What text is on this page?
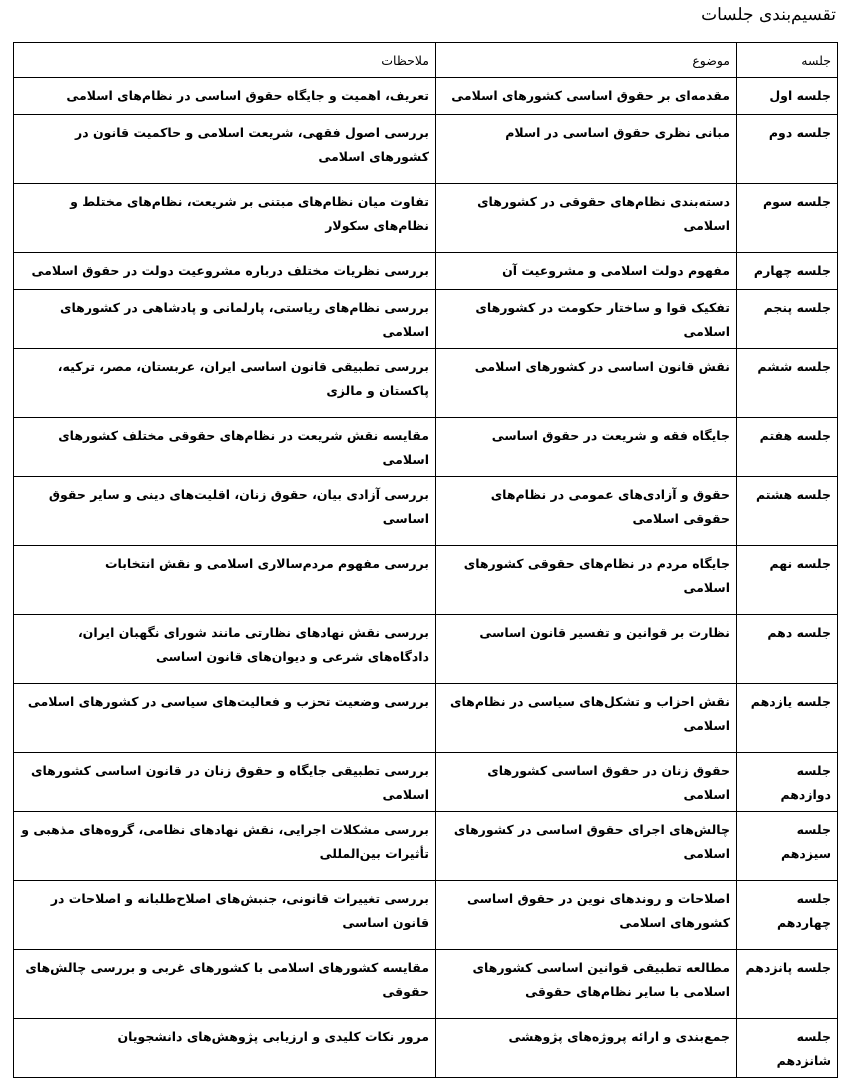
تقسیم‌بندی جلسات
جلسه	موضوع	ملاحظات
جلسه اول	مقدمه‌ای بر حقوق اساسی کشورهای اسلامی	تعریف، اهمیت و جایگاه حقوق اساسی در نظام‌های اسلامی
جلسه دوم	مبانی نظری حقوق اساسی در اسلام	بررسی اصول فقهی، شریعت اسلامی و حاکمیت قانون در کشورهای اسلامی
جلسه سوم	دسته‌بندی نظام‌های حقوقی در کشورهای اسلامی	تفاوت میان نظام‌های مبتنی بر شریعت، نظام‌های مختلط و نظام‌های سکولار
جلسه چهارم	مفهوم دولت اسلامی و مشروعیت آن	بررسی نظریات مختلف درباره مشروعیت دولت در حقوق اسلامی
جلسه پنجم	تفکیک قوا و ساختار حکومت در کشورهای اسلامی	بررسی نظام‌های ریاستی، پارلمانی و پادشاهی در کشورهای اسلامی
جلسه ششم	نقش قانون اساسی در کشورهای اسلامی	بررسی تطبیقی قانون اساسی ایران، عربستان، مصر، ترکیه، پاکستان و مالزی
جلسه هفتم	جایگاه فقه و شریعت در حقوق اساسی	مقایسه نقش شریعت در نظام‌های حقوقی مختلف کشورهای اسلامی
جلسه هشتم	حقوق و آزادی‌های عمومی در نظام‌های حقوقی اسلامی	بررسی آزادی بیان، حقوق زنان، اقلیت‌های دینی و سایر حقوق اساسی
جلسه نهم	جایگاه مردم در نظام‌های حقوقی کشورهای اسلامی	بررسی مفهوم مردم‌سالاری اسلامی و نقش انتخابات
جلسه دهم	نظارت بر قوانین و تفسیر قانون اساسی	بررسی نقش نهادهای نظارتی مانند شورای نگهبان ایران، دادگاه‌های شرعی و دیوان‌های قانون اساسی
جلسه یازدهم	نقش احزاب و تشکل‌های سیاسی در نظام‌های اسلامی	بررسی وضعیت تحزب و فعالیت‌های سیاسی در کشورهای اسلامی
جلسه دوازدهم	حقوق زنان در حقوق اساسی کشورهای اسلامی	بررسی تطبیقی جایگاه و حقوق زنان در قانون اساسی کشورهای اسلامی
جلسه سیزدهم	چالش‌های اجرای حقوق اساسی در کشورهای اسلامی	بررسی مشکلات اجرایی، نقش نهادهای نظامی، گروه‌های مذهبی و تأثیرات بین‌المللی
جلسه چهاردهم	اصلاحات و روندهای نوین در حقوق اساسی کشورهای اسلامی	بررسی تغییرات قانونی، جنبش‌های اصلاح‌طلبانه و اصلاحات در قانون اساسی
جلسه پانزدهم	مطالعه تطبیقی قوانین اساسی کشورهای اسلامی با سایر نظام‌های حقوقی	مقایسه کشورهای اسلامی با کشورهای غربی و بررسی چالش‌های حقوقی
جلسه شانزدهم	جمع‌بندی و ارائه پروژه‌های پژوهشی	مرور نکات کلیدی و ارزیابی پژوهش‌های دانشجویان
